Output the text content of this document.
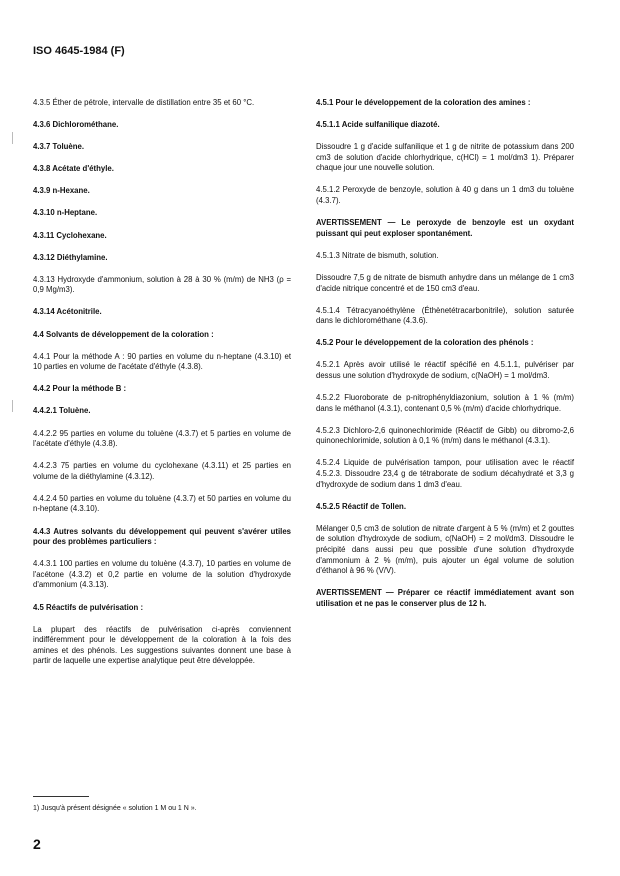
ISO 4645-1984 (F)

4.3.5 Éther de pétrole, intervalle de distillation entre 35 et 60 °C.

4.3.6 Dichlorométhane.

4.3.7 Toluène.

4.3.8 Acétate d'éthyle.

4.3.9 n-Hexane.

4.3.10 n-Heptane.

4.3.11 Cyclohexane.

4.3.12 Diéthylamine.

4.3.13 Hydroxyde d'ammonium, solution à 28 à 30 % (m/m) de NH3 (ρ = 0,9 Mg/m3).

4.3.14 Acétonitrile.

4.4 Solvants de développement de la coloration :

4.4.1 Pour la méthode A : 90 parties en volume du n-heptane (4.3.10) et 10 parties en volume de l'acétate d'éthyle (4.3.8).

4.4.2 Pour la méthode B :

4.4.2.1 Toluène.

4.4.2.2 95 parties en volume du toluène (4.3.7) et 5 parties en volume de l'acétate d'éthyle (4.3.8).

4.4.2.3 75 parties en volume du cyclohexane (4.3.11) et 25 parties en volume de la diéthylamine (4.3.12).

4.4.2.4 50 parties en volume du toluène (4.3.7) et 50 parties en volume du n-heptane (4.3.10).

4.4.3 Autres solvants du développement qui peuvent s'avérer utiles pour des problèmes particuliers :

4.4.3.1 100 parties en volume du toluène (4.3.7), 10 parties en volume de l'acétone (4.3.2) et 0,2 partie en volume de la solution d'hydroxyde d'ammonium (4.3.13).

4.5 Réactifs de pulvérisation :

La plupart des réactifs de pulvérisation ci-après conviennent indifféremment pour le développement de la coloration à la fois des amines et des phénols. Les suggestions suivantes donnent une base à partir de laquelle une expertise analytique peut être développée.

4.5.1 Pour le développement de la coloration des amines :

4.5.1.1 Acide sulfanilique diazoté.

Dissoudre 1 g d'acide sulfanilique et 1 g de nitrite de potassium dans 200 cm3 de solution d'acide chlorhydrique, c(HCl) = 1 mol/dm3 1). Préparer chaque jour une nouvelle solution.

4.5.1.2 Peroxyde de benzoyle, solution à 40 g dans un 1 dm3 du toluène (4.3.7).

AVERTISSEMENT — Le peroxyde de benzoyle est un oxydant puissant qui peut exploser spontanément.

4.5.1.3 Nitrate de bismuth, solution.

Dissoudre 7,5 g de nitrate de bismuth anhydre dans un mélange de 1 cm3 d'acide nitrique concentré et de 150 cm3 d'eau.

4.5.1.4 Tétracyanoéthylène (Éthènetétracarbonitrile), solution saturée dans le dichlorométhane (4.3.6).

4.5.2 Pour le développement de la coloration des phénols :

4.5.2.1 Après avoir utilisé le réactif spécifié en 4.5.1.1, pulvériser par dessus une solution d'hydroxyde de sodium, c(NaOH) = 1 mol/dm3.

4.5.2.2 Fluoroborate de p-nitrophényldiazonium, solution à 1 % (m/m) dans le méthanol (4.3.1), contenant 0,5 % (m/m) d'acide chlorhydrique.

4.5.2.3 Dichloro-2,6 quinonechlorimide (Réactif de Gibb) ou dibromo-2,6 quinonechlorimide, solution à 0,1 % (m/m) dans le méthanol (4.3.1).

4.5.2.4 Liquide de pulvérisation tampon, pour utilisation avec le réactif 4.5.2.3. Dissoudre 23,4 g de tétraborate de sodium décahydraté et 3,3 g d'hydroxyde de sodium dans 1 dm3 d'eau.

4.5.2.5 Réactif de Tollen.

Mélanger 0,5 cm3 de solution de nitrate d'argent à 5 % (m/m) et 2 gouttes de solution d'hydroxyde de sodium, c(NaOH) = 2 mol/dm3. Dissoudre le précipité dans aussi peu que possible d'une solution d'hydroxyde d'ammonium à 2 % (m/m), puis ajouter un égal volume de solution d'éthanol à 96 % (V/V).

AVERTISSEMENT — Préparer ce réactif immédiatement avant son utilisation et ne pas le conserver plus de 12 h.

1) Jusqu'à présent désignée « solution 1 M ou 1 N ».
2
